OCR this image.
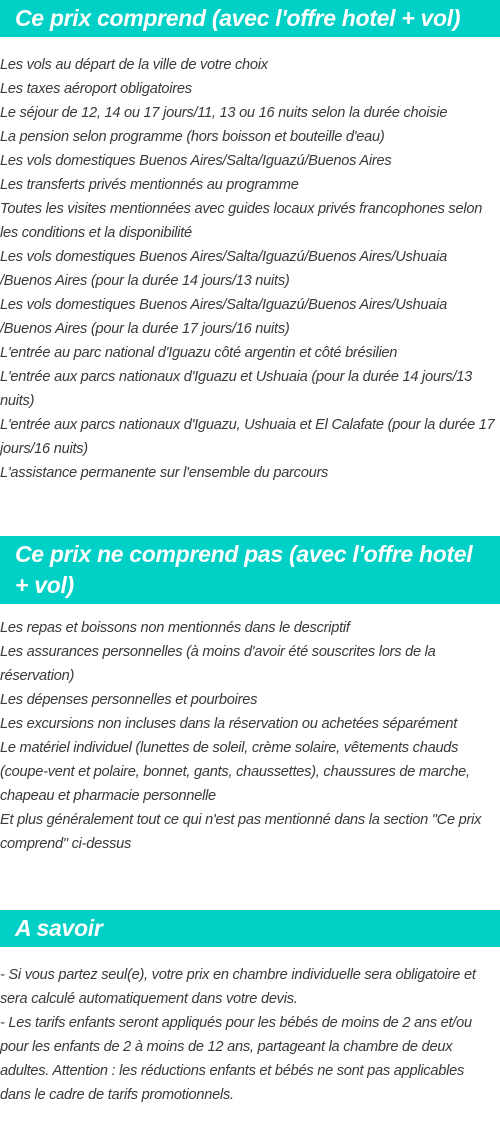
Ce prix comprend (avec l'offre hotel + vol)
Les vols au départ de la ville de votre choix
Les taxes aéroport obligatoires
Le séjour de 12, 14 ou 17 jours/11, 13 ou 16 nuits selon la durée choisie
La pension selon programme (hors boisson et bouteille d'eau)
Les vols domestiques Buenos Aires/Salta/Iguazú/Buenos Aires
Les transferts privés mentionnés au programme
Toutes les visites mentionnées avec guides locaux privés francophones selon les conditions et la disponibilité
Les vols domestiques Buenos Aires/Salta/Iguazú/Buenos Aires/Ushuaia /Buenos Aires (pour la durée 14 jours/13 nuits)
Les vols domestiques Buenos Aires/Salta/Iguazú/Buenos Aires/Ushuaia /Buenos Aires (pour la durée 17 jours/16 nuits)
L'entrée au parc national d'Iguazu côté argentin et côté brésilien
L'entrée aux parcs nationaux d'Iguazu et Ushuaia (pour la durée 14 jours/13 nuits)
L'entrée aux parcs nationaux d'Iguazu, Ushuaia et El Calafate (pour la durée 17 jours/16 nuits)
L'assistance permanente sur l'ensemble du parcours
Ce prix ne comprend pas (avec l'offre hotel + vol)
Les repas et boissons non mentionnés dans le descriptif
Les assurances personnelles (à moins d'avoir été souscrites lors de la réservation)
Les dépenses personnelles et pourboires
Les excursions non incluses dans la réservation ou achetées séparément
Le matériel individuel (lunettes de soleil, crème solaire, vêtements chauds (coupe-vent et polaire, bonnet, gants, chaussettes), chaussures de marche, chapeau et pharmacie personnelle
Et plus généralement tout ce qui n'est pas mentionné dans la section "Ce prix comprend" ci-dessus
A savoir
- Si vous partez seul(e), votre prix en chambre individuelle sera obligatoire et sera calculé automatiquement dans votre devis.
- Les tarifs enfants seront appliqués pour les bébés de moins de 2 ans et/ou pour les enfants de 2 à moins de 12 ans, partageant la chambre de deux adultes. Attention : les réductions enfants et bébés ne sont pas applicables dans le cadre de tarifs promotionnels.
